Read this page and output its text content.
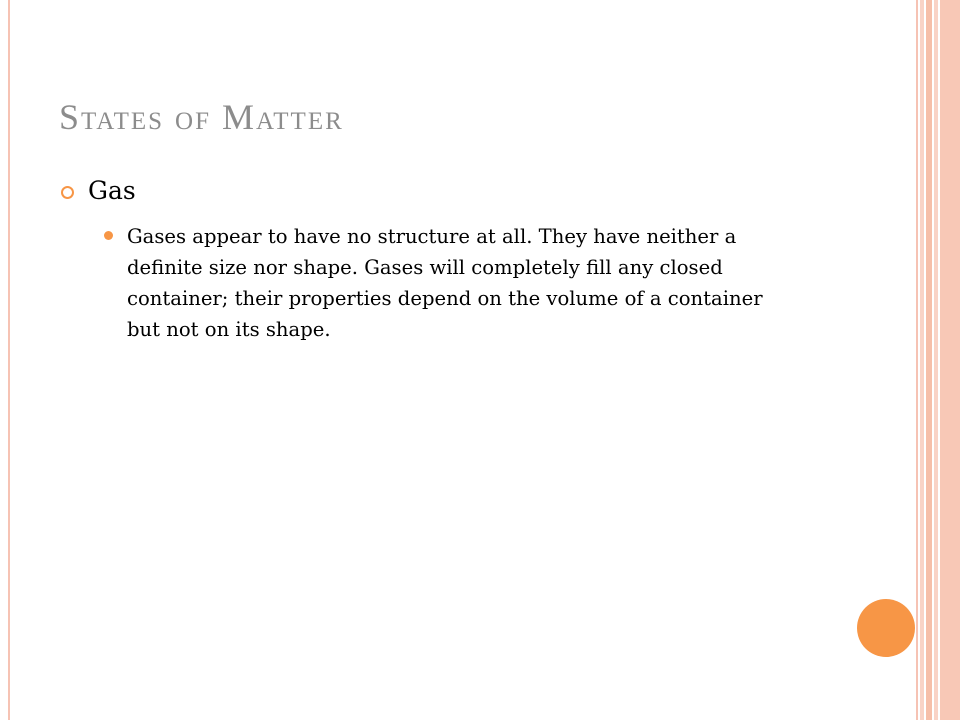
States of Matter
Gas

Gases appear to have no structure at all. They have neither a definite size nor shape. Gases will completely fill any closed container; their properties depend on the volume of a container but not on its shape.
